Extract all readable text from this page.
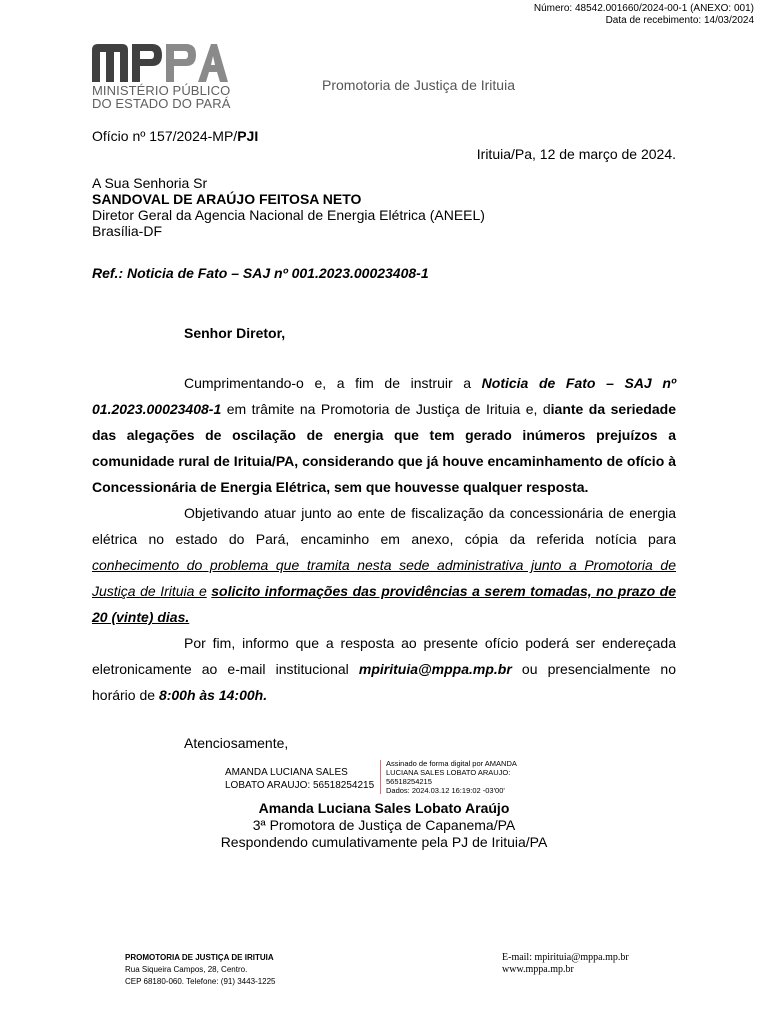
Número: 48542.001660/2024-00-1 (ANEXO: 001)
Data de recebimento: 14/03/2024
MINISTÉRIO PÚBLICO
DO ESTADO DO PARÁ
Promotoria de Justiça de Irituia
Ofício nº 157/2024-MP/PJI
Irituia/Pa, 12 de março de 2024.
A Sua Senhoria Sr
SANDOVAL DE ARAÚJO FEITOSA NETO
Diretor Geral da Agencia Nacional de Energia Elétrica (ANEEL)
Brasília-DF
Ref.: Noticia de Fato – SAJ nº 001.2023.00023408-1
Senhor Diretor,

Cumprimentando-o e, a fim de instruir a Noticia de Fato – SAJ nº 01.2023.00023408-1 em trâmite na Promotoria de Justiça de Irituia e, diante da seriedade das alegações de oscilação de energia que tem gerado inúmeros prejuízos a comunidade rural de Irituia/PA, considerando que já houve encaminhamento de ofício à Concessionária de Energia Elétrica, sem que houvesse qualquer resposta.

Objetivando atuar junto ao ente de fiscalização da concessionária de energia elétrica no estado do Pará, encaminho em anexo, cópia da referida notícia para conhecimento do problema que tramita nesta sede administrativa junto a Promotoria de Justiça de Irituia e solicito informações das providências a serem tomadas, no prazo de 20 (vinte) dias.

Por fim, informo que a resposta ao presente ofício poderá ser endereçada eletronicamente ao e-mail institucional mpirituia@mppa.mp.br ou presencialmente no horário de 8:00h às 14:00h.

Atenciosamente,
AMANDA LUCIANA SALES
LOBATO ARAUJO: 56518254215
Assinado de forma digital por AMANDA
LUCIANA SALES LOBATO ARAUJO:
56518254215
Dados: 2024.03.12 16:19:02 -03'00'
Amanda Luciana Sales Lobato Araújo
3ª Promotora de Justiça de Capanema/PA
Respondendo cumulativamente pela PJ de Irituia/PA
PROMOTORIA DE JUSTIÇA DE IRITUIA
Rua Siqueira Campos, 28, Centro.
CEP 68180-060. Telefone: (91) 3443-1225
E-mail: mpirituia@mppa.mp.br
www.mppa.mp.br
